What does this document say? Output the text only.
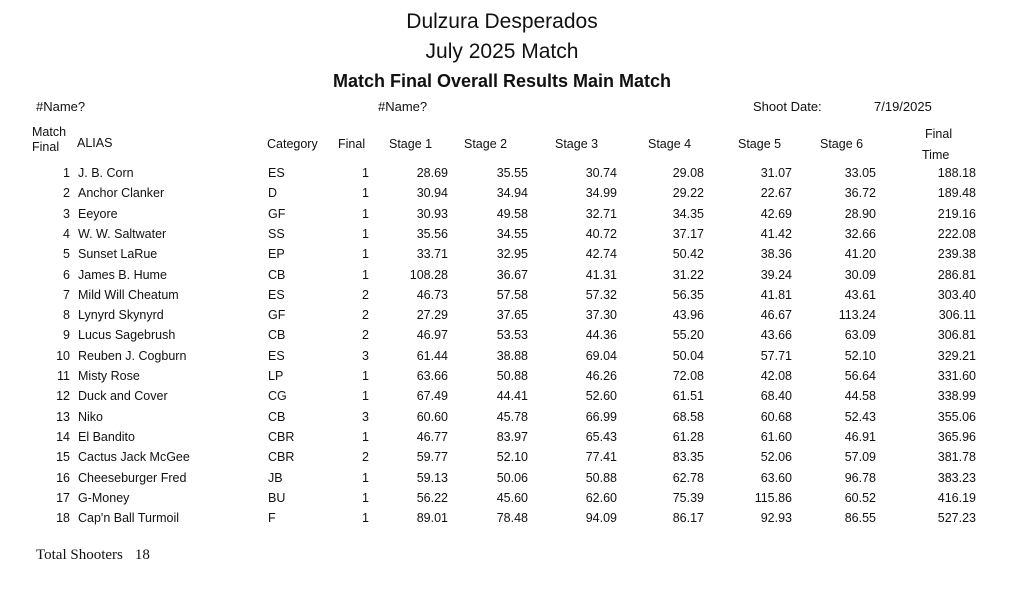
Dulzura Desperados
July 2025 Match
Match Final Overall Results Main Match
#Name?	#Name?	Shoot Date:	7/19/2025
Match
Final ALIAS	Category Final Stage 1	Stage 2	Stage 3	Stage 4	Stage 5	Stage 6
Final
Time
1 J. B. Corn	ES	1	28.69	35.55	30.74	29.08	31.07	33.05	188.18
2 Anchor Clanker	D	1	30.94	34.94	34.99	29.22	22.67	36.72	189.48
3 Eeyore	GF	1	30.93	49.58	32.71	34.35	42.69	28.90	219.16
4 W. W. Saltwater	SS	1	35.56	34.55	40.72	37.17	41.42	32.66	222.08
5 Sunset LaRue	EP	1	33.71	32.95	42.74	50.42	38.36	41.20	239.38
6 James B. Hume	CB	1	108.28	36.67	41.31	31.22	39.24	30.09	286.81
7 Mild Will Cheatum	ES	2	46.73	57.58	57.32	56.35	41.81	43.61	303.40
8 Lynyrd Skynyrd	GF	2	27.29	37.65	37.30	43.96	46.67	113.24	306.11
9 Lucus Sagebrush	CB	2	46.97	53.53	44.36	55.20	43.66	63.09	306.81
10 Reuben J. Cogburn	ES	3	61.44	38.88	69.04	50.04	57.71	52.10	329.21
11 Misty Rose	LP	1	63.66	50.88	46.26	72.08	42.08	56.64	331.60
12 Duck and Cover	CG	1	67.49	44.41	52.60	61.51	68.40	44.58	338.99
13 Niko	CB	3	60.60	45.78	66.99	68.58	60.68	52.43	355.06
14 El Bandito	CBR	1	46.77	83.97	65.43	61.28	61.60	46.91	365.96
15 Cactus Jack McGee	CBR	2	59.77	52.10	77.41	83.35	52.06	57.09	381.78
16 Cheeseburger Fred	JB	1	59.13	50.06	50.88	62.78	63.60	96.78	383.23
17 G-Money	BU	1	56.22	45.60	62.60	75.39	115.86	60.52	416.19
18 Cap'n Ball Turmoil	F	1	89.01	78.48	94.09	86.17	92.93	86.55	527.23
Total Shooters 18
